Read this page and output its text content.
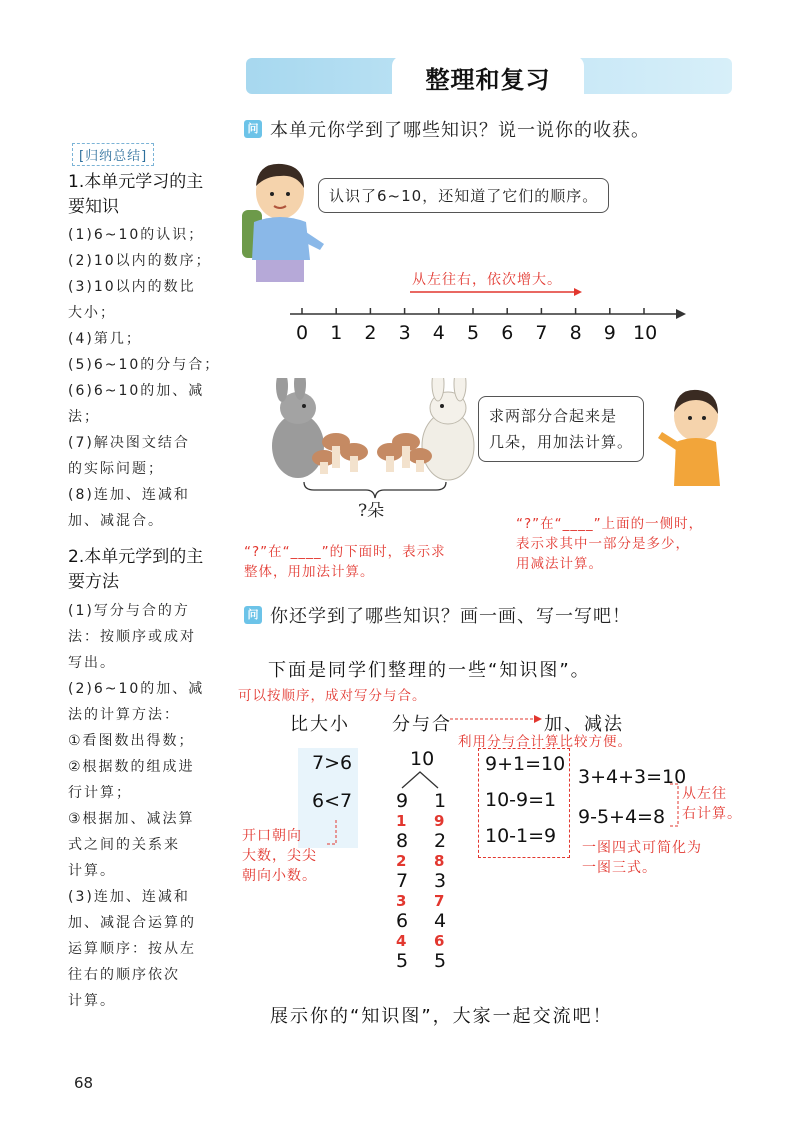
整理和复习
问 本单元你学到了哪些知识？说一说你的收获。
[归纳总结]
1.本单元学习的主
要知识
(1)6~10的认识；
(2)10以内的数序；
(3)10以内的数比
大小；
(4)第几；
(5)6~10的分与合；
(6)6~10的加、减法；
(7)解决图文结合
的实际问题；
(8)连加、连减和
加、减混合。
2.本单元学到的主
要方法
(1)写分与合的方
法：按顺序或成对
写出。
(2)6~10的加、减
法的计算方法：
①看图数出得数；
②根据数的组成进
行计算；
③根据加、减法算
式之间的关系来
计算。
(3)连加、连减和
加、减混合运算的
运算顺序：按从左
往右的顺序依次
计算。
认识了6~10，还知道了它们的顺序。
从左往右，依次增大。
0 1 2 3 4 5 6 7 8 9 10
?朵
求两部分合起来是
几朵，用加法计算。
“?”在“____”的下面时，表示求
整体，用加法计算。
“?”在“____”上面的一侧时，
表示求其中一部分是多少，
用减法计算。
问 你还学到了哪些知识？画一画、写一写吧！
下面是同学们整理的一些“知识图”。
可以按顺序，成对写分与合。
比大小 分与合	加、减法
利用分与合计算比较方便。
7>6
6<7
开口朝向
大数，尖尖
朝向小数。
10
9 1
1 9
8 2
2 8
7 3
3 7
6 4
4 6
5 5
9+1=10
10-9=1
10-1=9
3+4+3=10
9-5+4=8
从左往
右计算。
一图四式可简化为
一图三式。
展示你的“知识图”，大家一起交流吧！
68
